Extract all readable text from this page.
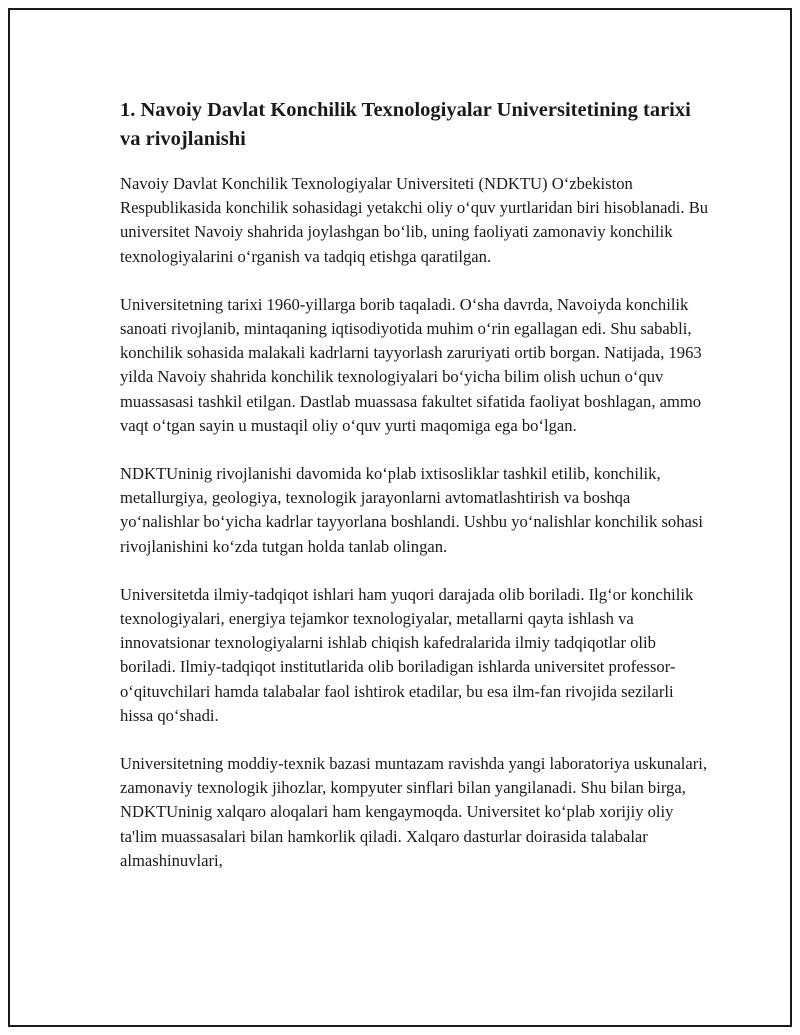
1. Navoiy Davlat Konchilik Texnologiyalar Universitetining tarixi va rivojlanishi

Navoiy Davlat Konchilik Texnologiyalar Universiteti (NDKTU) O‘zbekiston Respublikasida konchilik sohasidagi yetakchi oliy o‘quv yurtlaridan biri hisoblanadi. Bu universitet Navoiy shahrida joylashgan bo‘lib, uning faoliyati zamonaviy konchilik texnologiyalarini o‘rganish va tadqiq etishga qaratilgan.

Universitetning tarixi 1960-yillarga borib taqaladi. O‘sha davrda, Navoiyda konchilik sanoati rivojlanib, mintaqaning iqtisodiyotida muhim o‘rin egallagan edi. Shu sababli, konchilik sohasida malakali kadrlarni tayyorlash zaruriyati ortib borgan. Natijada, 1963 yilda Navoiy shahrida konchilik texnologiyalari bo‘yicha bilim olish uchun o‘quv muassasasi tashkil etilgan. Dastlab muassasa fakultet sifatida faoliyat boshlagan, ammo vaqt o‘tgan sayin u mustaqil oliy o‘quv yurti maqomiga ega bo‘lgan.

NDKTUninig rivojlanishi davomida ko‘plab ixtisosliklar tashkil etilib, konchilik, metallurgiya, geologiya, texnologik jarayonlarni avtomatlashtirish va boshqa yo‘nalishlar bo‘yicha kadrlar tayyorlana boshlandi. Ushbu yo‘nalishlar konchilik sohasi rivojlanishini ko‘zda tutgan holda tanlab olingan.

Universitetda ilmiy-tadqiqot ishlari ham yuqori darajada olib boriladi. Ilg‘or konchilik texnologiyalari, energiya tejamkor texnologiyalar, metallarni qayta ishlash va innovatsionar texnologiyalarni ishlab chiqish kafedralarida ilmiy tadqiqotlar olib boriladi. Ilmiy-tadqiqot institutlarida olib boriladigan ishlarda universitet professor-o‘qituvchilari hamda talabalar faol ishtirok etadilar, bu esa ilm-fan rivojida sezilarli hissa qo‘shadi.

Universitetning moddiy-texnik bazasi muntazam ravishda yangi laboratoriya uskunalari, zamonaviy texnologik jihozlar, kompyuter sinflari bilan yangilanadi. Shu bilan birga, NDKTUninig xalqaro aloqalari ham kengaymoqda. Universitet ko‘plab xorijiy oliy ta'lim muassasalari bilan hamkorlik qiladi. Xalqaro dasturlar doirasida talabalar almashinuvlari,
